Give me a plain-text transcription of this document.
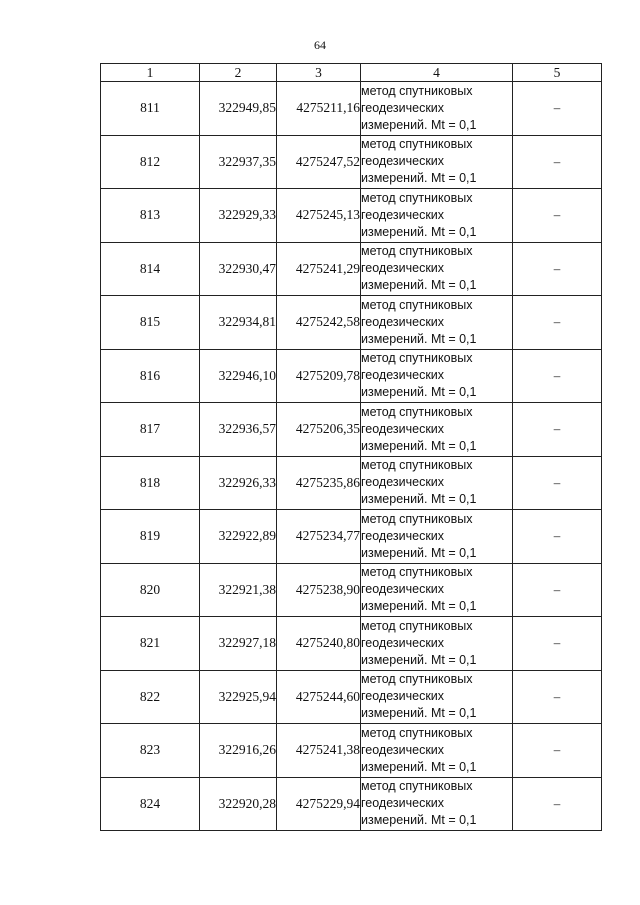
64
1	2	3	4	5
811	322949,85	4275211,16	метод спутниковых геодезических измерений. Mt = 0,1	–
812	322937,35	4275247,52	метод спутниковых геодезических измерений. Mt = 0,1	–
813	322929,33	4275245,13	метод спутниковых геодезических измерений. Mt = 0,1	–
814	322930,47	4275241,29	метод спутниковых геодезических измерений. Mt = 0,1	–
815	322934,81	4275242,58	метод спутниковых геодезических измерений. Mt = 0,1	–
816	322946,10	4275209,78	метод спутниковых геодезических измерений. Mt = 0,1	–
817	322936,57	4275206,35	метод спутниковых геодезических измерений. Mt = 0,1	–
818	322926,33	4275235,86	метод спутниковых геодезических измерений. Mt = 0,1	–
819	322922,89	4275234,77	метод спутниковых геодезических измерений. Mt = 0,1	–
820	322921,38	4275238,90	метод спутниковых геодезических измерений. Mt = 0,1	–
821	322927,18	4275240,80	метод спутниковых геодезических измерений. Mt = 0,1	–
822	322925,94	4275244,60	метод спутниковых геодезических измерений. Mt = 0,1	–
823	322916,26	4275241,38	метод спутниковых геодезических измерений. Mt = 0,1	–
824	322920,28	4275229,94	метод спутниковых геодезических измерений. Mt = 0,1	–
